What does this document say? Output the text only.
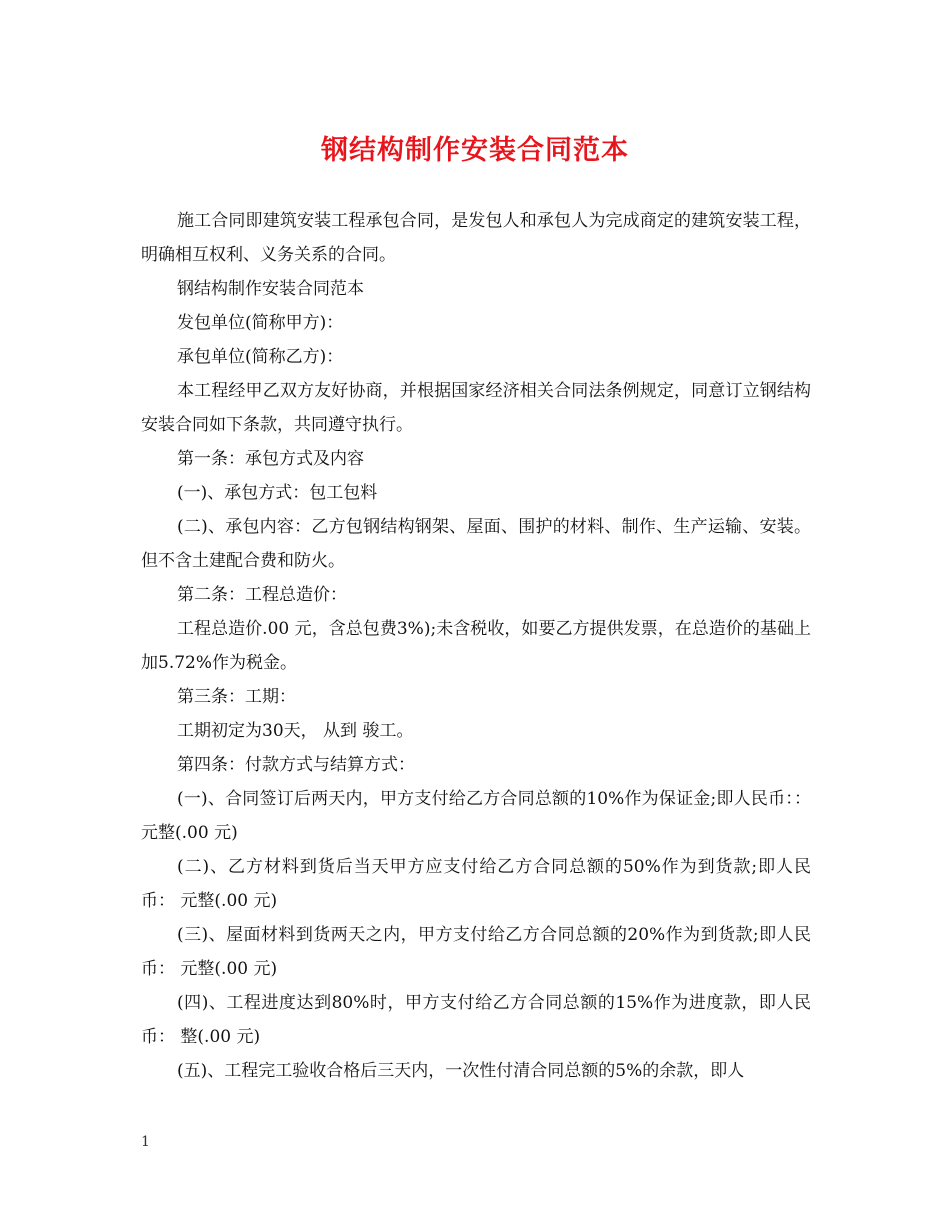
钢结构制作安装合同范本

施工合同即建筑安装工程承包合同，是发包人和承包人为完成商定的建筑安装工程，明确相互权利、义务关系的合同。

钢结构制作安装合同范本

发包单位(简称甲方)：

承包单位(简称乙方)：

本工程经甲乙双方友好协商，并根据国家经济相关合同法条例规定，同意订立钢结构安装合同如下条款，共同遵守执行。

第一条：承包方式及内容

(一)、承包方式：包工包料

(二)、承包内容：乙方包钢结构钢架、屋面、围护的材料、制作、生产运输、安装。但不含土建配合费和防火。

第二条：工程总造价：

工程总造价.00 元，含总包费3%);未含税收，如要乙方提供发票，在总造价的基础上加5.72%作为税金。

第三条：工期：

工期初定为30天， 从到 骏工。

第四条：付款方式与结算方式：

(一)、合同签订后两天内，甲方支付给乙方合同总额的10%作为保证金;即人民币：： 元整(.00 元)

(二)、乙方材料到货后当天甲方应支付给乙方合同总额的50%作为到货款;即人民币： 元整(.00 元)

(三)、屋面材料到货两天之内，甲方支付给乙方合同总额的20%作为到货款;即人民币： 元整(.00 元)

(四)、工程进度达到80%时，甲方支付给乙方合同总额的15%作为进度款，即人民币： 整(.00 元)

(五)、工程完工验收合格后三天内，一次性付清合同总额的5%的余款，即人

1
